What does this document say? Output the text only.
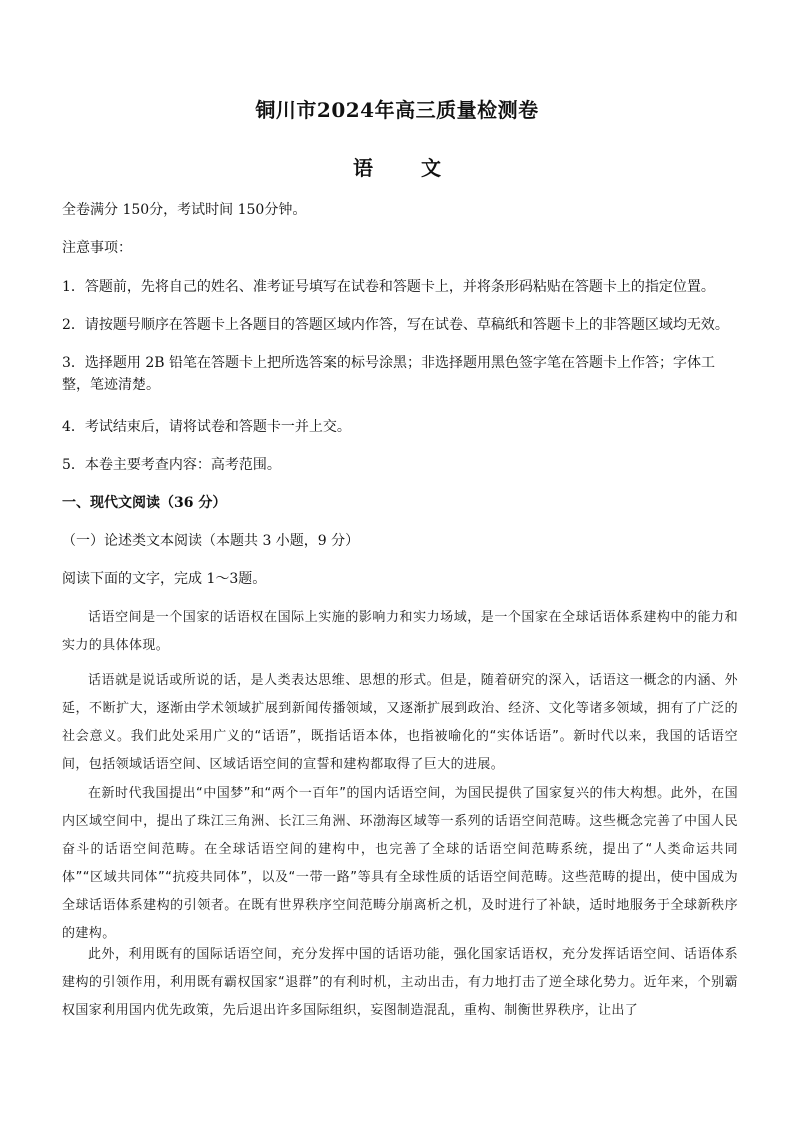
铜川市2024年高三质量检测卷
语　文
全卷满分 150分，考试时间 150分钟。
注意事项：
1．答题前，先将自己的姓名、准考证号填写在试卷和答题卡上，并将条形码粘贴在答题卡上的指定位置。
2．请按题号顺序在答题卡上各题目的答题区域内作答，写在试卷、草稿纸和答题卡上的非答题区域均无效。
3．选择题用 2B 铅笔在答题卡上把所选答案的标号涂黑；非选择题用黑色签字笔在答题卡上作答；字体工整，笔迹清楚。
4．考试结束后，请将试卷和答题卡一并上交。
5．本卷主要考查内容：高考范围。
一、现代文阅读（36 分）
（一）论述类文本阅读（本题共 3 小题，9 分）
阅读下面的文字，完成 1～3题。
话语空间是一个国家的话语权在国际上实施的影响力和实力场域，是一个国家在全球话语体系建构中的能力和实力的具体体现。
话语就是说话或所说的话，是人类表达思维、思想的形式。但是，随着研究的深入，话语这一概念的内涵、外延，不断扩大，逐渐由学术领域扩展到新闻传播领域，又逐渐扩展到政治、经济、文化等诸多领域，拥有了广泛的社会意义。我们此处采用广义的“话语”，既指话语本体，也指被喻化的“实体话语”。新时代以来，我国的话语空间，包括领域话语空间、区域话语空间的宣誓和建构都取得了巨大的进展。
在新时代我国提出“中国梦”和“两个一百年”的国内话语空间，为国民提供了国家复兴的伟大构想。此外，在国内区域空间中，提出了珠江三角洲、长江三角洲、环渤海区域等一系列的话语空间范畴。这些概念完善了中国人民奋斗的话语空间范畴。在全球话语空间的建构中，也完善了全球的话语空间范畴系统，提出了“人类命运共同体”“区域共同体”“抗疫共同体”，以及“一带一路”等具有全球性质的话语空间范畴。这些范畴的提出，使中国成为全球话语体系建构的引领者。在既有世界秩序空间范畴分崩离析之机，及时进行了补缺，适时地服务于全球新秩序的建构。
此外，利用既有的国际话语空间，充分发挥中国的话语功能，强化国家话语权，充分发挥话语空间、话语体系建构的引领作用，利用既有霸权国家“退群”的有利时机，主动出击，有力地打击了逆全球化势力。近年来，个别霸权国家利用国内优先政策，先后退出许多国际组织，妄图制造混乱，重构、制衡世界秩序，让出了
